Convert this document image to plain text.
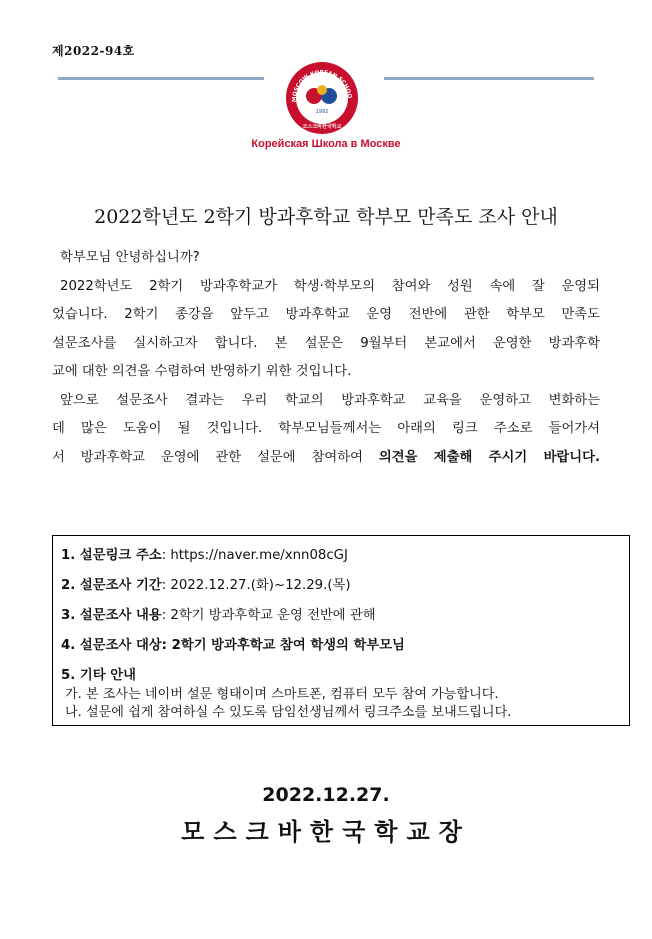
제2022-94호
MOSCOW KOREAN SCHOO
1992
모스크바한국학교
Корейская Школа в Москве
2022학년도 2학기 방과후학교 학부모 만족도 조사 안내

학부모님 안녕하십니까?

2022학년도 2학기 방과후학교가 학생·학부모의 참여와 성원 속에 잘 운영되

었습니다. 2학기 종강을 앞두고 방과후학교 운영 전반에 관한 학부모 만족도

설문조사를 실시하고자 합니다. 본 설문은 9월부터 본교에서 운영한 방과후학

교에 대한 의견을 수렴하여 반영하기 위한 것입니다.

앞으로 설문조사 결과는 우리 학교의 방과후학교 교육을 운영하고 변화하는

데 많은 도움이 될 것입니다. 학부모님들께서는 아래의 링크 주소로 들어가셔

서 방과후학교 운영에 관한 설문에 참여하여 의견을 제출해 주시기 바랍니다.

1. 설문링크 주소: https://naver.me/xnn08cGJ
2. 설문조사 기간: 2022.12.27.(화)~12.29.(목)
3. 설문조사 내용: 2학기 방과후학교 운영 전반에 관해
4. 설문조사 대상: 2학기 방과후학교 참여 학생의 학부모님
5. 기타 안내
가. 본 조사는 네이버 설문 형태이며 스마트폰, 컴퓨터 모두 참여 가능합니다.
나. 설문에 쉽게 참여하실 수 있도록 담임선생님께서 링크주소를 보내드립니다.
2022.12.27.
모스크바한국학교장
